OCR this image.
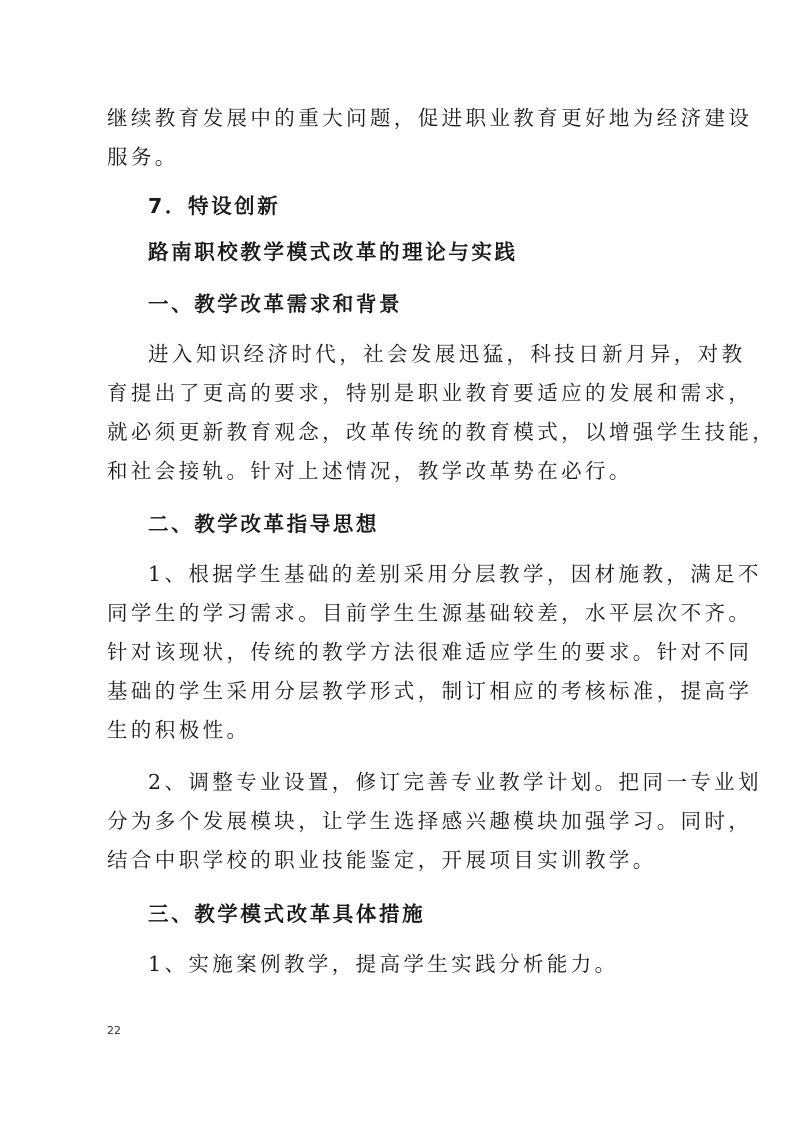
继续教育发展中的重大问题，促进职业教育更好地为经济建设

服务。

7．特设创新

路南职校教学模式改革的理论与实践

一、教学改革需求和背景

进入知识经济时代，社会发展迅猛，科技日新月异，对教

育提出了更高的要求，特别是职业教育要适应的发展和需求，

就必须更新教育观念，改革传统的教育模式，以增强学生技能，

和社会接轨。针对上述情况，教学改革势在必行。

二、教学改革指导思想

1、根据学生基础的差别采用分层教学，因材施教，满足不

同学生的学习需求。目前学生生源基础较差，水平层次不齐。

针对该现状，传统的教学方法很难适应学生的要求。针对不同

基础的学生采用分层教学形式，制订相应的考核标准，提高学

生的积极性。

2、调整专业设置，修订完善专业教学计划。把同一专业划

分为多个发展模块，让学生选择感兴趣模块加强学习。同时，

结合中职学校的职业技能鉴定，开展项目实训教学。

三、教学模式改革具体措施

1、实施案例教学，提高学生实践分析能力。

22
